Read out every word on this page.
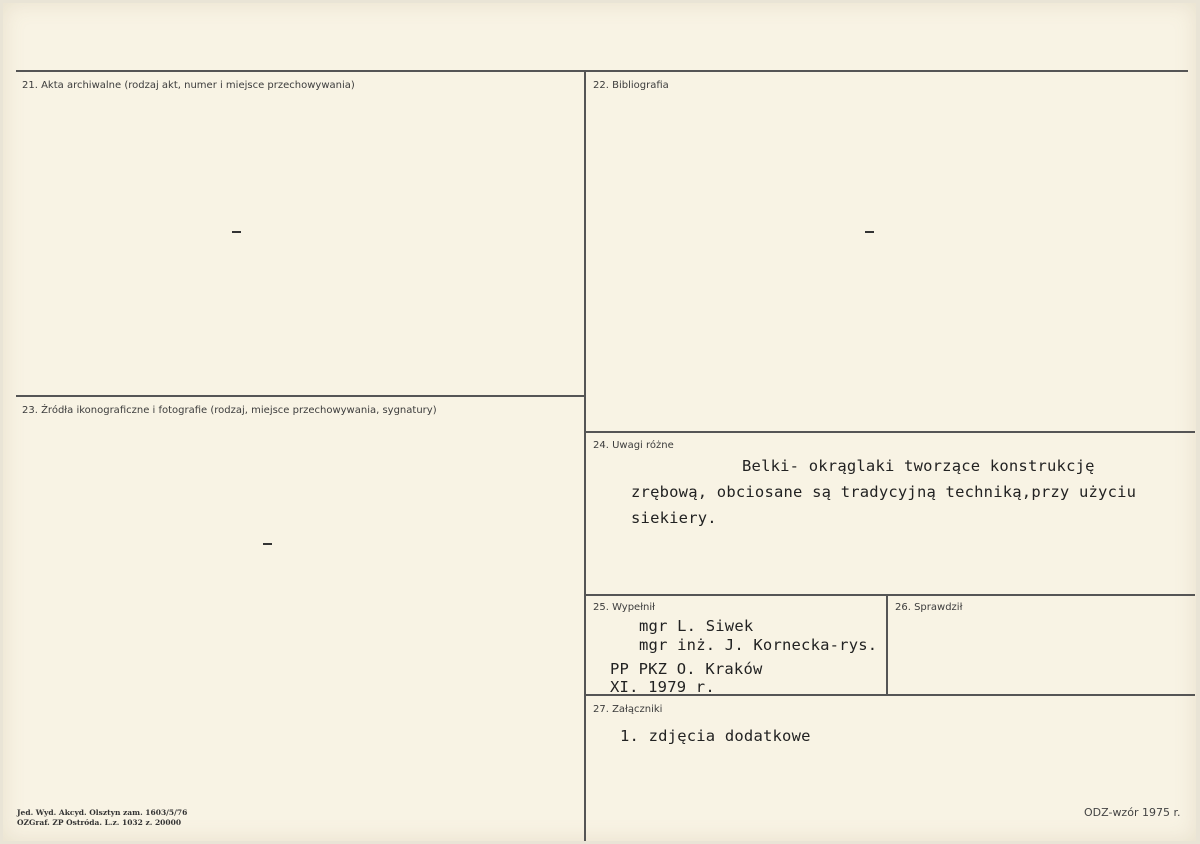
21. Akta archiwalne (rodzaj akt, numer i miejsce przechowywania)	22. Bibliografia
23. Źródła ikonograficzne i fotografie (rodzaj, miejsce przechowywania, sygnatury)
24. Uwagi różne
Belki- okrąglaki tworzące konstrukcję
zrębową, obciosane są tradycyjną techniką,przy użyciu
siekiery.
25. Wypełnił
mgr L. Siwek
mgr inż. J. Kornecka-rys.
PP PKZ O. Kraków
XI. 1979 r.
26. Sprawdził
27. Załączniki
1. zdjęcia dodatkowe
Jed. Wyd. Akcyd. Olsztyn zam. 1603/5/76
OZGraf. ZP Ostróda. L.z. 1032 z. 20000
ODZ-wzór 1975 r.
